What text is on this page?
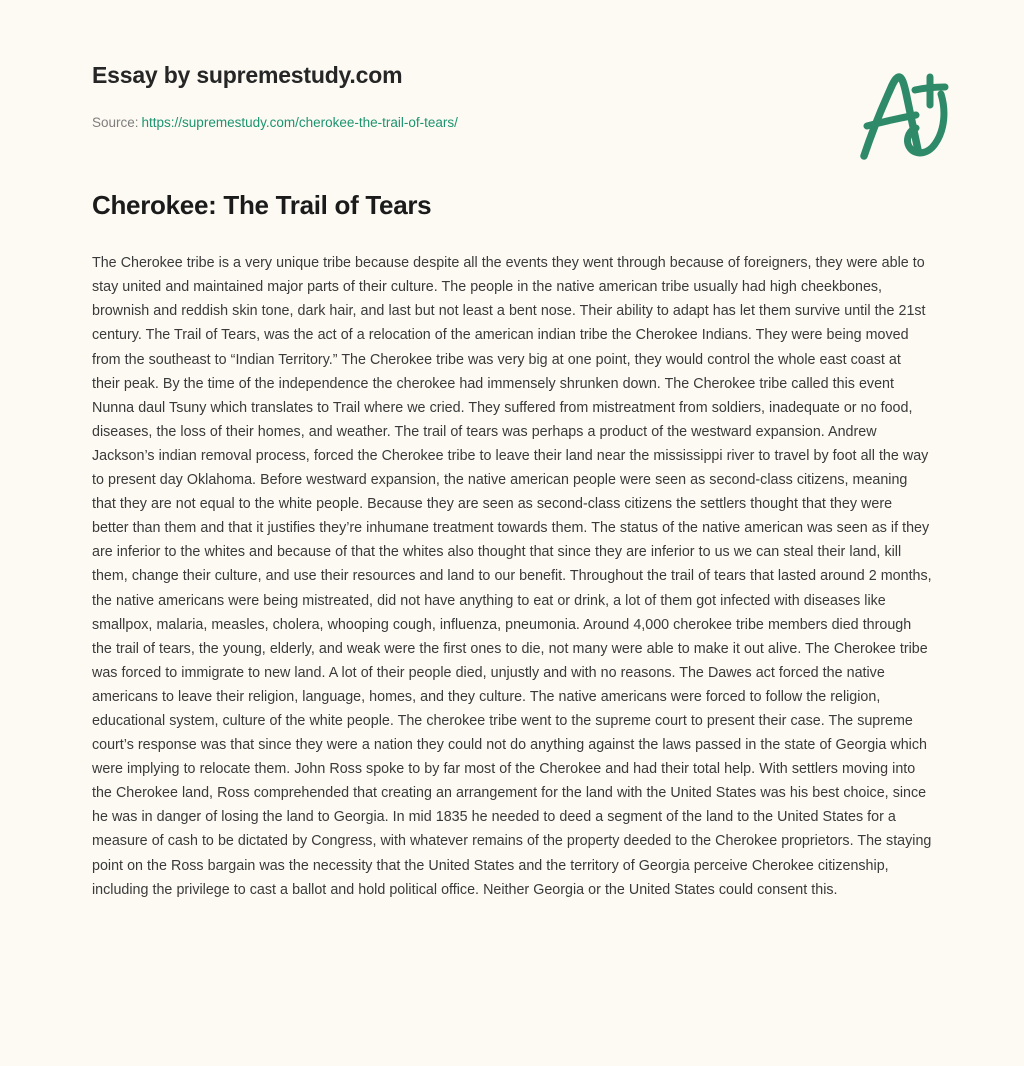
Essay by supremestudy.com
Source: https://supremestudy.com/cherokee-the-trail-of-tears/
Cherokee: The Trail of Tears

The Cherokee tribe is a very unique tribe because despite all the events they went through because of foreigners, they were able to stay united and maintained major parts of their culture. The people in the native american tribe usually had high cheekbones, brownish and reddish skin tone, dark hair, and last but not least a bent nose. Their ability to adapt has let them survive until the 21st century. The Trail of Tears, was the act of a relocation of the american indian tribe the Cherokee Indians. They were being moved from the southeast to “Indian Territory.” The Cherokee tribe was very big at one point, they would control the whole east coast at their peak. By the time of the independence the cherokee had immensely shrunken down. The Cherokee tribe called this event Nunna daul Tsuny which translates to Trail where we cried. They suffered from mistreatment from soldiers, inadequate or no food, diseases, the loss of their homes, and weather. The trail of tears was perhaps a product of the westward expansion. Andrew Jackson’s indian removal process, forced the Cherokee tribe to leave their land near the mississippi river to travel by foot all the way to present day Oklahoma. Before westward expansion, the native american people were seen as second-class citizens, meaning that they are not equal to the white people. Because they are seen as second-class citizens the settlers thought that they were better than them and that it justifies they’re inhumane treatment towards them. The status of the native american was seen as if they are inferior to the whites and because of that the whites also thought that since they are inferior to us we can steal their land, kill them, change their culture, and use their resources and land to our benefit. Throughout the trail of tears that lasted around 2 months, the native americans were being mistreated, did not have anything to eat or drink, a lot of them got infected with diseases like smallpox, malaria, measles, cholera, whooping cough, influenza, pneumonia. Around 4,000 cherokee tribe members died through the trail of tears, the young, elderly, and weak were the first ones to die, not many were able to make it out alive. The Cherokee tribe was forced to immigrate to new land. A lot of their people died, unjustly and with no reasons. The Dawes act forced the native americans to leave their religion, language, homes, and they culture. The native americans were forced to follow the religion, educational system, culture of the white people. The cherokee tribe went to the supreme court to present their case. The supreme court’s response was that since they were a nation they could not do anything against the laws passed in the state of Georgia which were implying to relocate them. John Ross spoke to by far most of the Cherokee and had their total help. With settlers moving into the Cherokee land, Ross comprehended that creating an arrangement for the land with the United States was his best choice, since he was in danger of losing the land to Georgia. In mid 1835 he needed to deed a segment of the land to the United States for a measure of cash to be dictated by Congress, with whatever remains of the property deeded to the Cherokee proprietors. The staying point on the Ross bargain was the necessity that the United States and the territory of Georgia perceive Cherokee citizenship, including the privilege to cast a ballot and hold political office. Neither Georgia or the United States could consent this.
